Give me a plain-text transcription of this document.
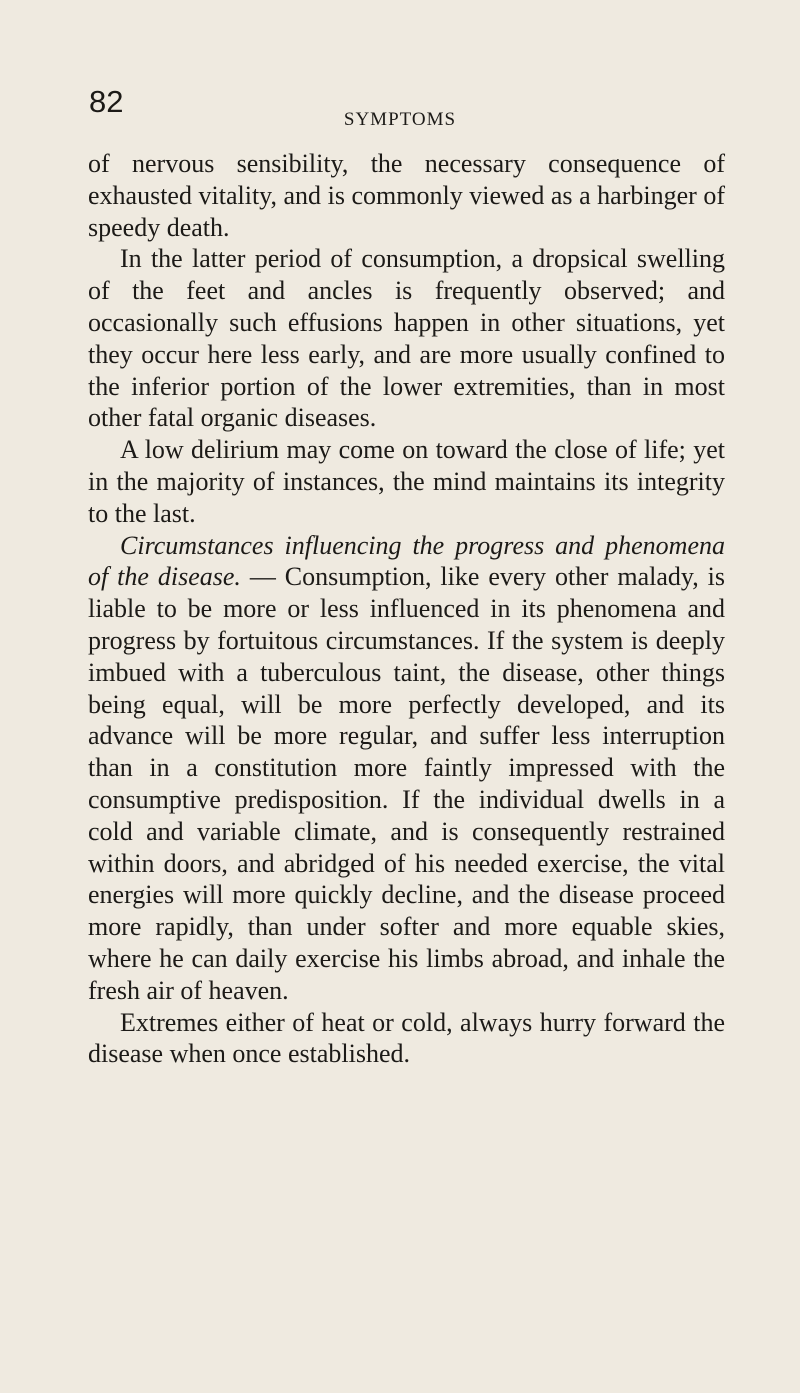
82
SYMPTOMS

of nervous sensibility, the necessary consequence of exhausted vitality, and is commonly viewed as a harbinger of speedy death.

In the latter period of consumption, a dropsical swelling of the feet and ancles is frequently observed; and occasionally such effusions happen in other situations, yet they occur here less early, and are more usually confined to the inferior portion of the lower extremities, than in most other fatal organic diseases.

A low delirium may come on toward the close of life; yet in the majority of instances, the mind maintains its integrity to the last.

Circumstances influencing the progress and phenomena of the disease. — Consumption, like every other malady, is liable to be more or less influenced in its phenomena and progress by fortuitous circumstances. If the system is deeply imbued with a tuberculous taint, the disease, other things being equal, will be more perfectly developed, and its advance will be more regular, and suffer less interruption than in a constitution more faintly impressed with the consumptive predisposition. If the individual dwells in a cold and variable climate, and is consequently restrained within doors, and abridged of his needed exercise, the vital energies will more quickly decline, and the disease proceed more rapidly, than under softer and more equable skies, where he can daily exercise his limbs abroad, and inhale the fresh air of heaven.

Extremes either of heat or cold, always hurry forward the disease when once established.
